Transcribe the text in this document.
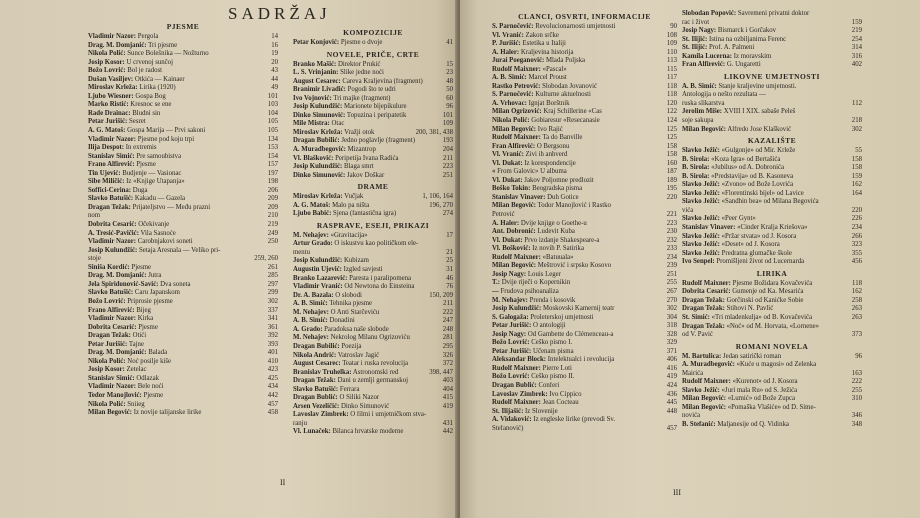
SADRŽAJ
PJESME
14
Vladimir Nazor: Pergola
16
Drag. M. Domjanić: Tri pjesme
19
Nikola Polić: Sunce Bolešnika — Nožturno
20
Josip Kosor: U crvenoj sunčoj
43
Božo Lovrić: Bol je radost
44
Dušan Vasiljev: Otkića — Kainaer
49
Miroslav Krleža: Lirika (1920)
101
Ljubo Wiesner: Gospa Bog
103
Marko Ristić: Kresnoc se ene
104
Rade Drainac: Bludni sin
105
Petar Jurišić: Šesret
105
A. G. Matoš: Gospa Marija — Prvi sakoni
134
Vladimir Nazor: Pjesme pod koju trpi
153
Ilija Despot: In extremis
154
Stanislav Šimić: Pre samoubistva
157
Frano Alfirević: Pjesme
197
Tin Ujević: Budjenje — Vasionac
198
Sibe Miličić: Iz «Knjige Utapanja»
206
Soffici-Cerina: Duga
209
Slavko Batušić: Kakadu — Gazela
209
Dragan Težak: Prijateljstvo — Među prazni
210
nom
219
Dobrita Cesarić: Očekivanje
249
A. Tresić-Pavičić: Vila Sasnoće
250
Vladimir Nazor: Carobnjakovi soneti
Josip Kulundžić: Setaja Aresnala — Veliko pri-
259, 260
stoje
261
Siniša Kordić: Pjesme
285
Drag. M. Domjanić: Jutra
297
Jela Spiridonović-Savić: Dva soneta
299
Slavko Batušić: Caru Japanskom
302
Božo Lovrić: Priprosie pjesme
337
Frano Alfirević: Bijeg
341
Vladimir Nazor: Kirka
361
Dobrita Cesarić: Pjesme
392
Dragan Težak: Otići
393
Petar Jurišić: Tajne
401
Drag. M. Domjanić: Balada
410
Nikola Polić: Noć posilje kiše
423
Josip Kosor: Zetelac
425
Stanislav Šimić: Odlazak
434
Vladimir Nazor: Bele noći
442
Tedor Manojlović: Pjesme
457
Nikola Polić: Sniieg
458
Milan Begović: Iz novije talijanske lirike
KOMPOZICIJE
41
Petar Konjović: Pjesme o dvoje
NOVELE, PRIČE, CRTE
15
Branko Mašić: Direktor Prukić
23
L. S. Vrinjanin: Slike jedne noći
48
August Cesarec: Careva Kraljevina (fragment)
50
Branimir Livadić: Pogodi što te udri
60
Ivo Vojnović: Tri majke (fragment)
96
Josip Kulundžić: Marionete bijepikulure
101
Dinko Šimunović: Topuzina i peripatetik
109
Mile Mistra: Otac
200, 381, 438
Miroslav Krleža: Vražji otok
193
Dragan Bubilić: Jedno poglavlje (fragment)
204
A. Muradbegović: Mizantrop
211
Vl. Blašković: Peripetija Ivana Radića
223
Josip Kulundžić: Blaga smrt
251
Dinko Šimunović: Jakov Doškar
DRAME
1, 106, 164
Miroslav Krleža: Vučjak
196, 270
A. G. Matoš: Malo pa ništa
274
Ljubo Babić: Sjena (fantastična igra)
RASPRAVE, ESEJI, PRIKAZI
17
M. Nehajev: «Gravitacija»
Artur Grado: O iskustvu kao političkom ele-
21
mentu
25
Josip Kulundžić: Kubizam
31
Augustin Ujević: Izgled savjesti
46
Branko Lazarević: Paresta i paralipomena
76
Vladimir Vranić: Od Newtona do Einsteina
150, 209
Dr. A. Bazala: O slobodi
211
A. B. Šimić: Tehnika pjesme
222
M. Nehajev: O Anti Starčeviću
247
A. B. Šimić: Donadini
248
A. Grado: Paradoksa naše slobode
281
M. Nehajev: Nekrolog Milanu Ogrizoviću
295
Dragan Bubilić: Poezija
326
Nikola Andrić: Vatroslav Jagić
372
August Cesarec: Teatar i ruska revolucija
398, 447
Branislav Truhelka: Astronomski red
403
Dragan Težak: Dani u zemlji germanskoj
404
Slavko Batušić: Ferrara
415
Dragan Bublić: O Siliki Nazor
419
Arsen Vezeličić: Dinko Šimunović
Lavoslav Žimbrek: O filmi i umjetničkom stva-
431
ranju
442
Vl. Lunaček: Bilanca hrvatske moderne
II
CLANCI, OSVRTI, INFORMACIJE
90
S. Parnočević: Revolucionarnosti umjetnosti
108
Vl. Vranić: Zakon srčke
109
P. Jurišić: Estetika u Italiji
110
A. Haler: Kraljevina historija
113
Jurai Poeganović: Mlada Poljska
115
Rudolf Maixner: «Pascal»
117
A. B. Šimić: Marcel Proust
118
Rastko Petrović: Slobodan Jovanović
118
S. Parnočević: Kulturne aktuelnosti
120
A. Vrhovac: Ignjat Borštnik
122
Milan Ogrizović: Kraj Schillerine «Čas
124
Nikola Polić: Gobiaresur «Resecanasie
125
Milan Begović: Ivo Rajić
125
Rudolf Maixner: Ta do Banville
158
Fran Alfirević: O Bergsonu
158
Vl. Vranić: Zivi ih anhverd
160
Vl. Dukat: Iz korespondencije
187
« From Galovic» U albuma
189
Vl. Dukat: Jakov Poljomne predlozit
195
Boško Tokin: Beogradska pisma
220
Stanislav Vinaver: Duh Gotice
Milan Begović: Todor Manojlović i Rastko
221
Petrović
223
A. Haler: Dvije knjige o Goethe-u
230
Ant. Dobronić: Ludevit Kuba
232
Vl. Dukat: Prvo izdanje Shakespeare-a
233
Vl. Bošković: Iz novih P. Satirika
234
Rudolf Maixner: «Batuuala»
239
Milan Begović: Meštrović i srpsko Kosovo
251
Josip Nagy: Louis Leger
255
T.: Dvije riječi o Kopernikin
267
— Frudova psihoanaliza
270
M. Nehajev: Prenda i kosovik
302
Josip Kulundžić: Moskovski Kamernij teatr
304
S. Galogaža: Proleterskoj umjetnosti
318
Petar Jurišić: O antologiji
328
Josip Nagy: Od Gambette do Clémenceau-a
329
Božo Lovrić: Češko pismo I.
371
Petar Jurišić: Učenam pisma
406
Aleksandar Block: Intelektualci i revolucija
416
Rudolf Maixner: Pierre Loti
419
Božo Lovrić: Češko pismo II.
424
Dragan Bublić: Conferi
436
Lavoslav Žimbrek: Ivo Cippico
445
Rudolf Maixner: Jean Cocteau
448
St. Ilijašić: Iz Slovenije
A. Vidaković: Iz engleske lirike (prevodi Sv.
457
Stefanović)
Slobodan Popović: Savremeni privatni doktor
159
rac i život
219
Josip Nagy: Bismarck i Gorčakov
254
St. Ilijić: Istina na ozbiljanima Ferenc
314
St. Ilijić: Prof. A. Palmeni
316
Kamila Lucerna: Iz moravskim
402
Fran Alfirević: G. Ungaretti
LIKOVNE UMJETNOSTI
A. B. Šimić: Stanje kraljevine umjetnosti.
Antologija o nešto rezultata —
112
ruska slikarstva
Jerolim Miše: XVIII I XIX. sabaše Peleš
218
soje sakupa
302
Milan Begović: Alfredo Jose Klašković
KAZALIŠTE
55
Slavko Ježić: «Gulgonje» od Mir. Krleže
158
B. Sirola: «Koza Igra» od Bertašića
158
B. Sirola: «Jubilus» od A. Dobronića
159
B. Sirola: «Predstavija» od B. Kasoneva
162
Slavko Ježić: «Zvono» od Bože Lovrića
164
Slavko Ježić: «Florentinski bijel» od Lavice
Slavko Ježić: «Sandhin bea» od Milana Begovića
220
vića
226
Slavko Ježić: «Peer Gynt»
234
Stanislav Vinaver: «Cinder Kralja Kriešova»
266
Slavko Ježić: «Pržar stvata» od J. Kosora
323
Slavko Ježić: «Deset» od J. Kosora
355
Slavko Ježić: Predratna glumačke škole
456
Ivo Senpel: Promišljeni život od Lucernarda
LIRIKA
118
Rudolf Maixner: Pjesme Božidara Kovačevića
162
Dobrita Cesarić: Gumenje od Ka. Mesarića
258
Dragan Težak: Gorčinski od Kanićke Sobie
263
Dragan Težak: Stihovi N. Pavlić
263
St. Šimić: «Tri mladenkulja» od B. Kovačevića
Dragan Težak: «Noć» od M. Horvata, «Lornene»
373
od V. Pavić
ROMANI NOVELA
96
M. Bartulica: Jedan satirički roman
A. Muradbegović: «Kuće u magosi» od Zelenka
163
Mairića
222
Rudolf Maixner: «Kurenot» od J. Kosora
255
Slavko Ježić: «Juri mala Ru» od S. Ježića
310
Milan Begović: «Lumić» od Bože Zupca
Milan Begović: «Pomaška Vlašiće» od D. Šime-
346
novićа
348
B. Štefanić: Maljanesije od Q. Vidinka
III
